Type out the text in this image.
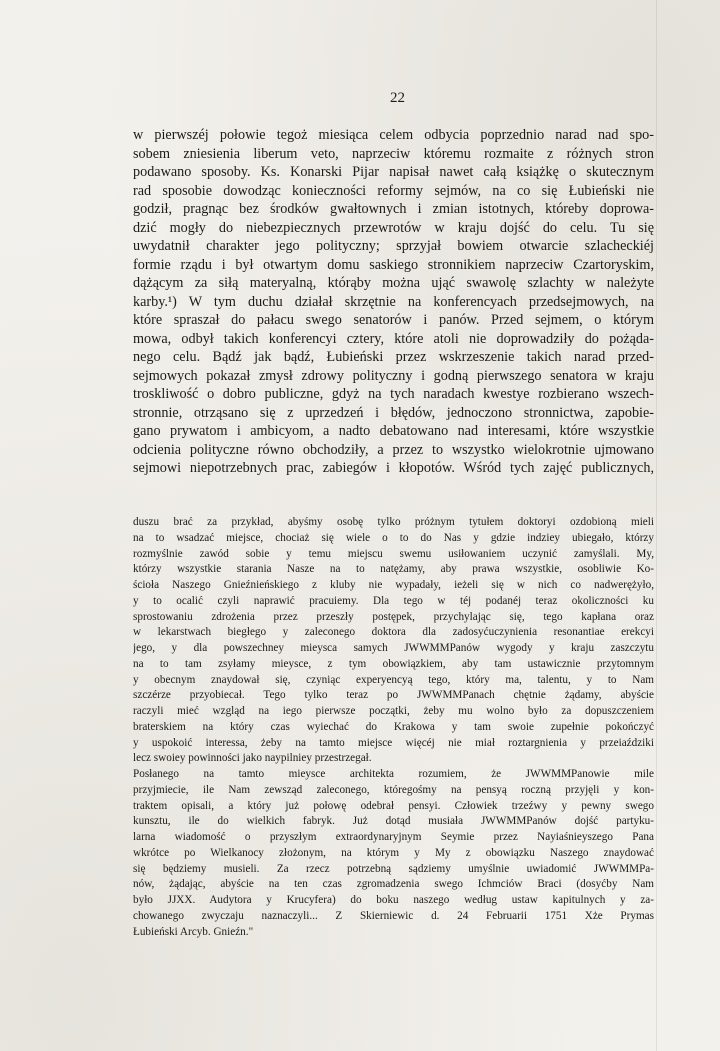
22
w pierwszéj połowie tegoż miesiąca celem odbycia poprzednio narad nad spo-
sobem zniesienia liberum veto, naprzeciw któremu rozmaite z różnych stron
podawano sposoby. Ks. Konarski Pijar napisał nawet całą książkę o skutecznym
rad sposobie dowodząc konieczności reformy sejmów, na co się Łubieński nie
godził, pragnąc bez środków gwałtownych i zmian istotnych, któreby doprowa-
dzić mogły do niebezpiecznych przewrotów w kraju dojść do celu. Tu się
uwydatnił charakter jego polityczny; sprzyjał bowiem otwarcie szlacheckiéj
formie rządu i był otwartym domu saskiego stronnikiem naprzeciw Czartoryskim,
dążącym za siłą materyalną, którąby można ująć swawolę szlachty w należyte
karby.¹) W tym duchu działał skrzętnie na konferencyach przedsejmowych, na
które spraszał do pałacu swego senatorów i panów. Przed sejmem, o którym
mowa, odbył takich konferencyi cztery, które atoli nie doprowadziły do pożąda-
nego celu. Bądź jak bądź, Łubieński przez wskrzeszenie takich narad przed-
sejmowych pokazał zmysł zdrowy polityczny i godną pierwszego senatora w kraju
troskliwość o dobro publiczne, gdyż na tych naradach kwestye rozbierano wszech-
stronnie, otrząsano się z uprzedzeń i błędów, jednoczono stronnictwa, zapobie-
gano prywatom i ambicyom, a nadto debatowano nad interesami, które wszystkie
odcienia polityczne równo obchodziły, a przez to wszystko wielokrotnie ujmowano
sejmowi niepotrzebnych prac, zabiegów i kłopotów. Wśród tych zajęć publicznych,
duszu brać za przykład, abyśmy osobę tylko próżnym tytułem doktoryi ozdobioną mieli
na to wsadzać miejsce, chociaż się wiele o to do Nas y gdzie indziey ubiegało, którzy
rozmyślnie zawód sobie y temu miejscu swemu usiłowaniem uczynić zamyślali. My,
którzy wszystkie starania Nasze na to natężamy, aby prawa wszystkie, osobliwie Ko-
ścioła Naszego Gnieźnieńskiego z kluby nie wypadały, ieżeli się w nich co nadwerężyło,
y to ocalić czyli naprawić pracuiemy. Dla tego w téj podanéj teraz okoliczności ku
sprostowaniu zdrożenia przez przeszły postępek, przychylając się, tego kapłana oraz
w lekarstwach biegłego y zaleconego doktora dla zadosyćuczynienia resonantiae erekcyi
jego, y dla powszechney mieysca samych JWWMMPanów wygody y kraju zaszczytu
na to tam zsyłamy mieysce, z tym obowiązkiem, aby tam ustawicznie przytomnym
y obecnym znaydował się, czyniąc experyencyą tego, który ma, talentu, y to Nam
szczérze przyobiecał. Tego tylko teraz po JWWMMPanach chętnie żądamy, abyście
raczyli mieć wzgląd na iego pierwsze początki, żeby mu wolno było za dopuszczeniem
braterskiem na który czas wyiechać do Krakowa y tam swoie zupełnie pokończyć
y uspokoić interessa, żeby na tamto miejsce więcéj nie miał roztargnienia y przeiaździki
lecz swoiey powinności jako naypilniey przestrzegał.
Posłanego na tamto mieysce architekta rozumiem, że JWWMMPanowie mile
przyjmiecie, ile Nam zewsząd zaleconego, któregośmy na pensyą roczną przyjęli y kon-
traktem opisali, a który już połowę odebrał pensyi. Człowiek trzeźwy y pewny swego
kunsztu, ile do wielkich fabryk. Już dotąd musiała JWWMMPanów dojść partyku-
larna wiadomość o przyszłym extraordynaryjnym Seymie przez Nayiaśnieyszego Pana
wkrótce po Wielkanocy złożonym, na którym y My z obowiązku Naszego znaydować
się będziemy musieli. Za rzecz potrzebną sądziemy umyślnie uwiadomić JWWMMPa-
nów, żądając, abyście na ten czas zgromadzenia swego Ichmciów Braci (dosyćby Nam
było JJXX. Audytora y Krucyfera) do boku naszego według ustaw kapitulnych y za-
chowanego zwyczaju naznaczyli... Z Skierniewic d. 24 Februarii 1751 Xże Prymas
Łubieński Arcyb. Gnieźn."
